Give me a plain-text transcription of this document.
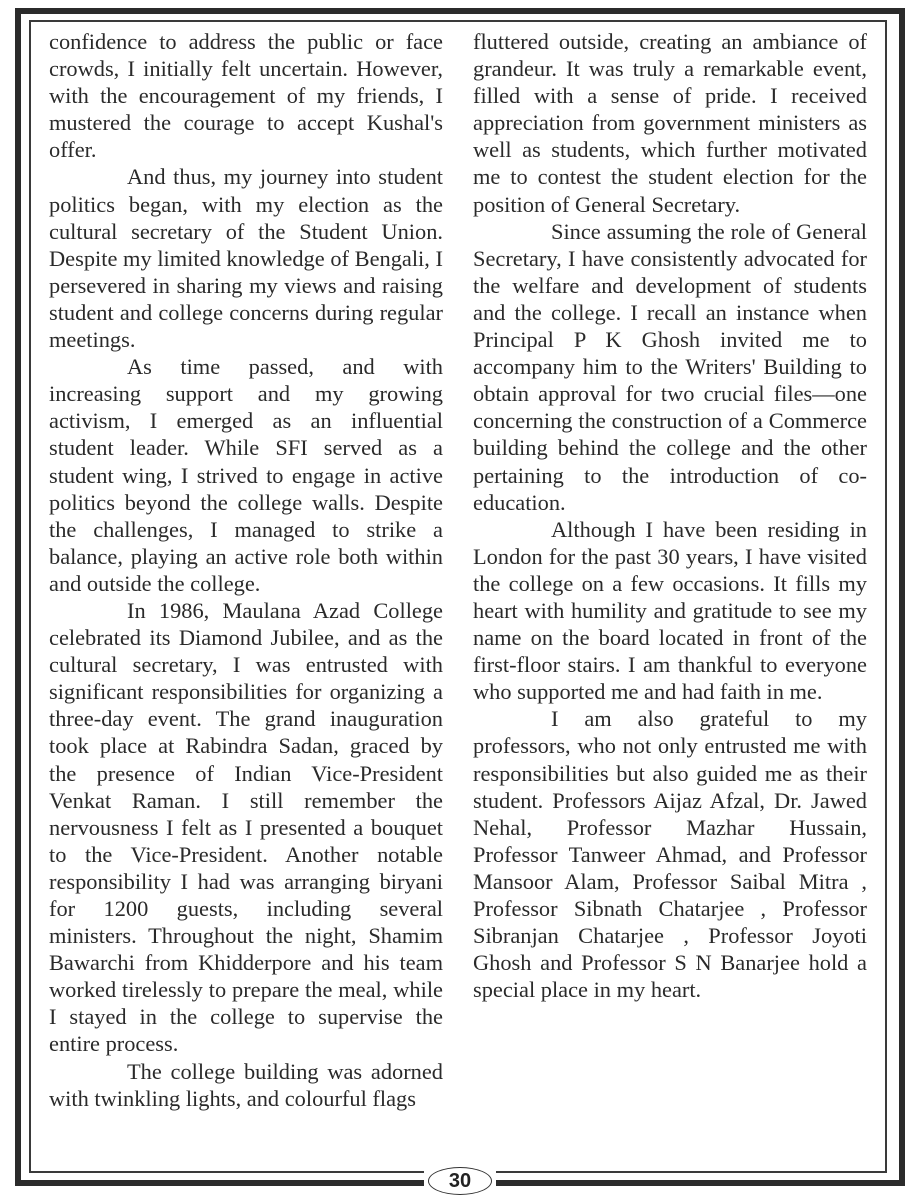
confidence to address the public or face crowds, I initially felt uncertain. However, with the encouragement of my friends, I mustered the courage to accept Kushal's offer.

And thus, my journey into student politics began, with my election as the cultural secretary of the Student Union. Despite my limited knowledge of Bengali, I persevered in sharing my views and raising student and college concerns during regular meetings.

As time passed, and with increasing support and my growing activism, I emerged as an influential student leader. While SFI served as a student wing, I strived to engage in active politics beyond the college walls. Despite the challenges, I managed to strike a balance, playing an active role both within and outside the college.

In 1986, Maulana Azad College celebrated its Diamond Jubilee, and as the cultural secretary, I was entrusted with significant responsibilities for organizing a three-day event. The grand inauguration took place at Rabindra Sadan, graced by the presence of Indian Vice-President Venkat Raman. I still remember the nervousness I felt as I presented a bouquet to the Vice-President. Another notable responsibility I had was arranging biryani for 1200 guests, including several ministers. Throughout the night, Shamim Bawarchi from Khidderpore and his team worked tirelessly to prepare the meal, while I stayed in the college to supervise the entire process.

The college building was adorned with twinkling lights, and colourful flags

fluttered outside, creating an ambiance of grandeur. It was truly a remarkable event, filled with a sense of pride. I received appreciation from government ministers as well as students, which further motivated me to contest the student election for the position of General Secretary.

Since assuming the role of General Secretary, I have consistently advocated for the welfare and development of students and the college. I recall an instance when Principal P K Ghosh invited me to accompany him to the Writers' Building to obtain approval for two crucial files—one concerning the construction of a Commerce building behind the college and the other pertaining to the introduction of co-education.

Although I have been residing in London for the past 30 years, I have visited the college on a few occasions. It fills my heart with humility and gratitude to see my name on the board located in front of the first-floor stairs. I am thankful to everyone who supported me and had faith in me.

I am also grateful to my professors, who not only entrusted me with responsibilities but also guided me as their student. Professors Aijaz Afzal, Dr. Jawed Nehal, Professor Mazhar Hussain, Professor Tanweer Ahmad, and Professor Mansoor Alam, Professor Saibal Mitra , Professor Sibnath Chatarjee , Professor Sibranjan Chatarjee , Professor Joyoti Ghosh and Professor S N Banarjee hold a special place in my heart.

30
